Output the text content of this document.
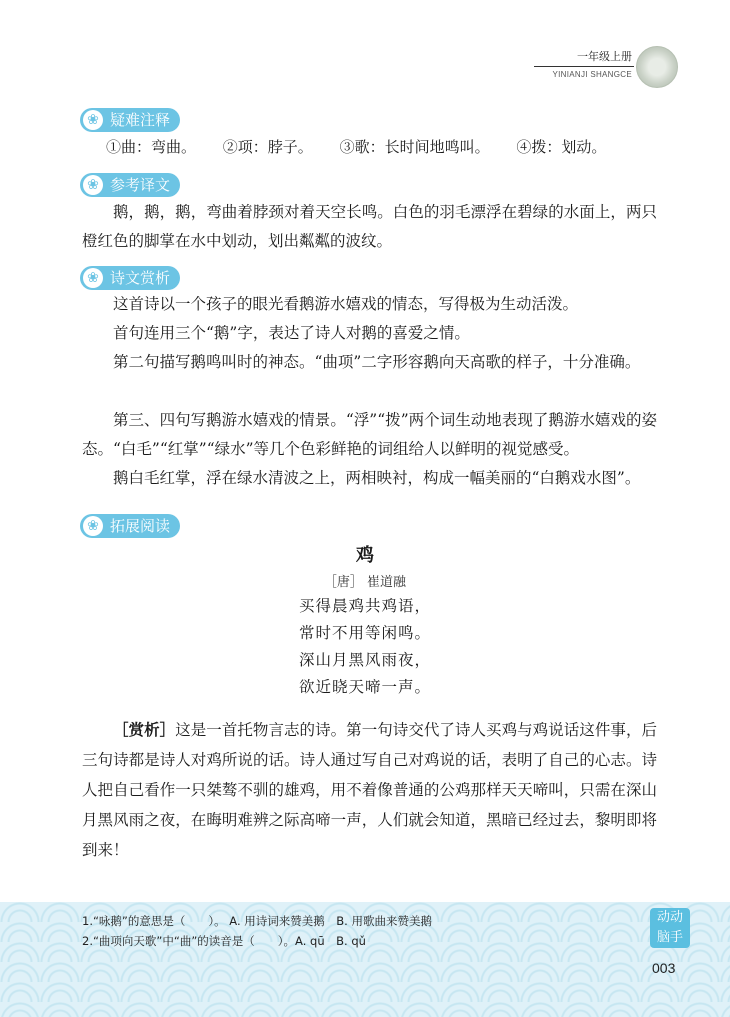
一年级上册
YINIANJI SHANGCE
❀ 疑难注释
①曲：弯曲。 ②项：脖子。 ③歌：长时间地鸣叫。 ④拨：划动。
❀ 参考译文

鹅，鹅，鹅，弯曲着脖颈对着天空长鸣。白色的羽毛漂浮在碧绿的水面上，两只橙红色的脚掌在水中划动，划出粼粼的波纹。

❀ 诗文赏析

这首诗以一个孩子的眼光看鹅游水嬉戏的情态，写得极为生动活泼。

首句连用三个“鹅”字，表达了诗人对鹅的喜爱之情。

第二句描写鹅鸣叫时的神态。“曲项”二字形容鹅向天高歌的样子，十分准确。

第三、四句写鹅游水嬉戏的情景。“浮”“拨”两个词生动地表现了鹅游水嬉戏的姿态。“白毛”“红掌”“绿水”等几个色彩鲜艳的词组给人以鲜明的视觉感受。

鹅白毛红掌，浮在绿水清波之上，两相映衬，构成一幅美丽的“白鹅戏水图”。

❀ 拓展阅读
鸡
［唐］ 崔道融
买得晨鸡共鸡语，
常时不用等闲鸣。
深山月黑风雨夜，
欲近晓天啼一声。

［赏析］这是一首托物言志的诗。第一句诗交代了诗人买鸡与鸡说话这件事，后三句诗都是诗人对鸡所说的话。诗人通过写自己对鸡说的话，表明了自己的心志。诗人把自己看作一只桀骜不驯的雄鸡，用不着像普通的公鸡那样天天啼叫，只需在深山月黑风雨之夜，在晦明难辨之际高啼一声，人们就会知道，黑暗已经过去，黎明即将到来！

1.“咏鹅”的意思是（　　）。 A. 用诗词来赞美鹅　B. 用歌曲来赞美鹅
2.“曲项向天歌”中“曲”的读音是（　　）。A. qū　B. qǔ
动动
脑手
003
